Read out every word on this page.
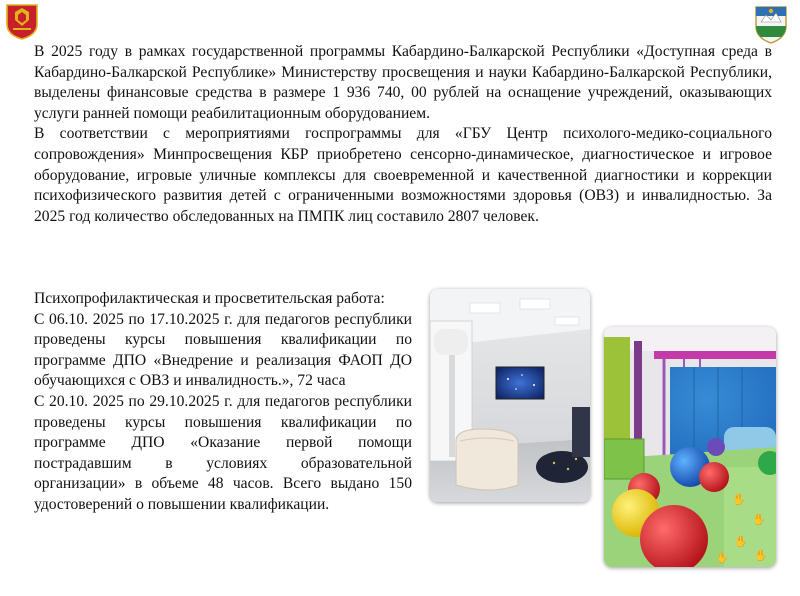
В 2025 году в рамках государственной программы Кабардино-Балкарской Республики «Доступная среда в Кабардино-Балкарской Республике» Министерству просвещения и науки Кабардино-Балкарской Республики, выделены финансовые средства в размере 1 936 740, 00 рублей на оснащение учреждений, оказывающих услуги ранней помощи реабилитационным оборудованием.

В соответствии с мероприятиями госпрограммы для «ГБУ Центр психолого-медико-социального сопровождения» Минпросвещения КБР приобретено сенсорно-динамическое, диагностическое и игровое оборудование, игровые уличные комплексы для своевременной и качественной диагностики и коррекции психофизического развития детей с ограниченными возможностями здоровья (ОВЗ) и инвалидностью. За 2025 год количество обследованных на ПМПК лиц составило 2807 человек.

Психопрофилактическая и просветительская работа:

С 06.10. 2025 по 17.10.2025 г. для педагогов республики проведены курсы повышения квалификации по программе ДПО «Внедрение и реализация ФАОП ДО обучающихся с ОВЗ и инвалидность.», 72 часа

С 20.10. 2025 по 29.10.2025 г. для педагогов республики проведены курсы повышения квалификации по программе ДПО «Оказание первой помощи пострадавшим в условиях образовательной организации» в объеме 48 часов. Всего выдано 150 удостоверений о повышении квалификации.	✋
✋
✋
✋
✋
